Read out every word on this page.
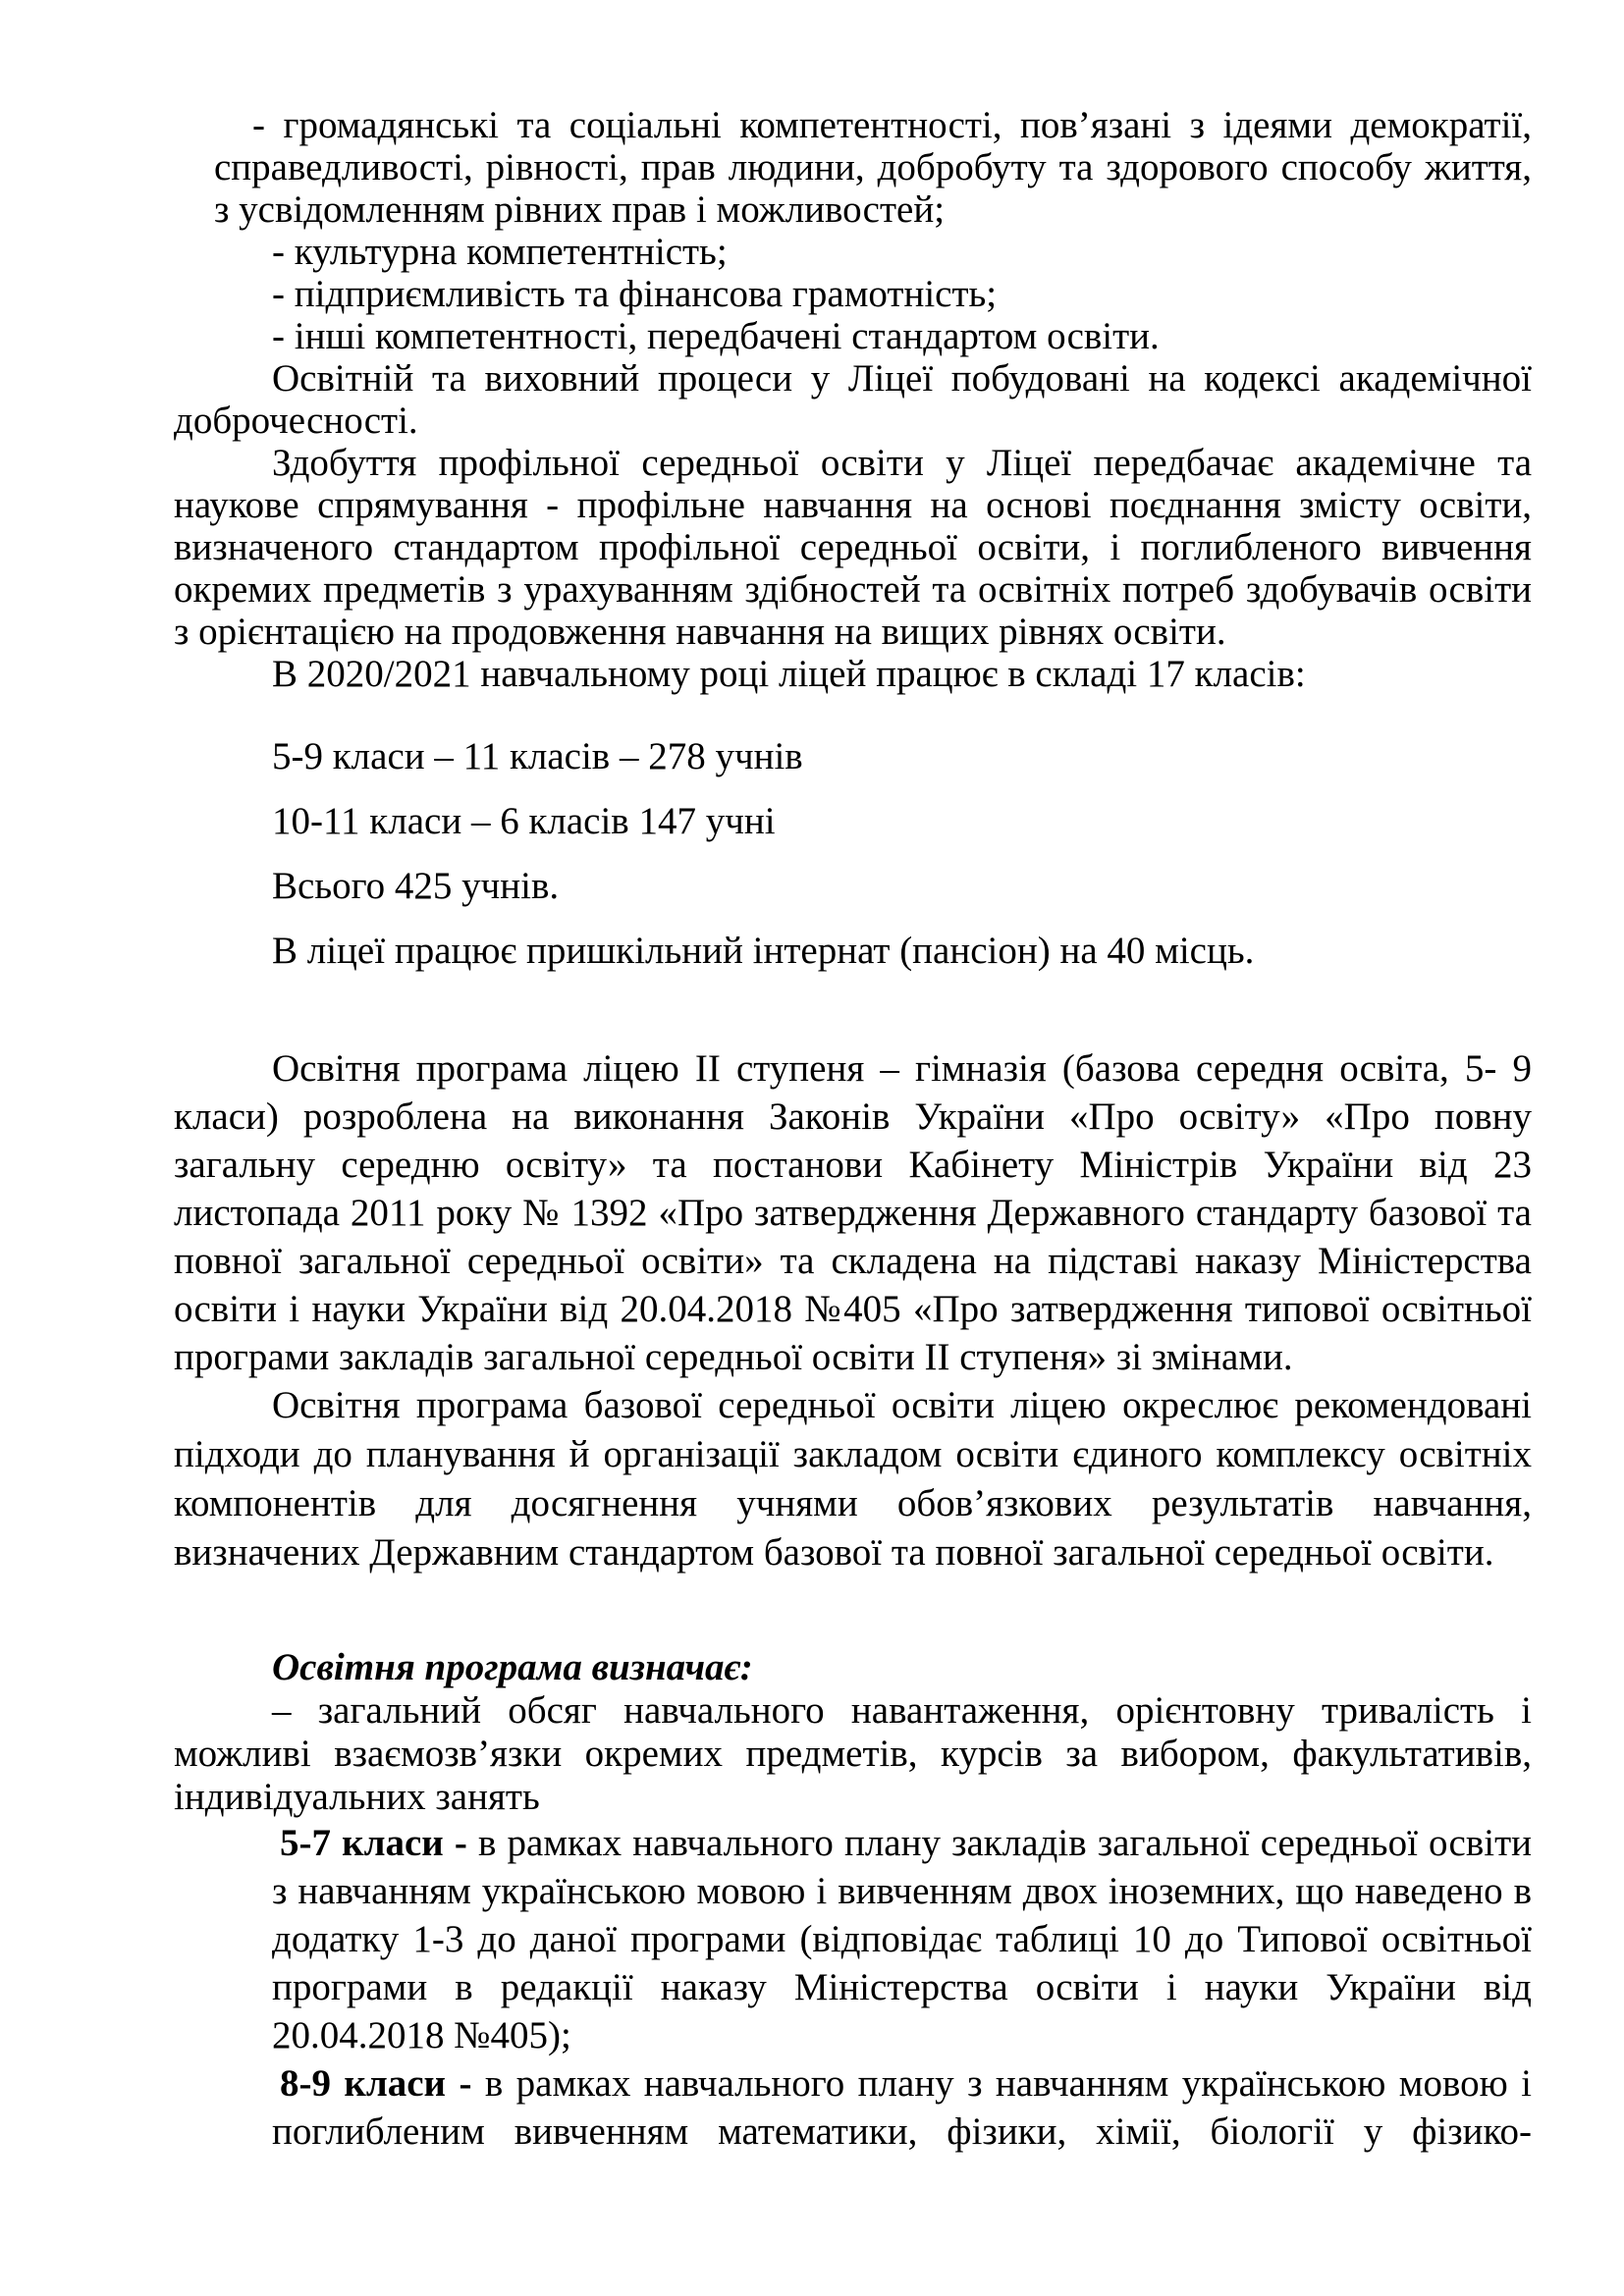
- громадянські та соціальні компетентності, пов’язані з ідеями демократії,
справедливості, рівності, прав людини, добробуту та здорового способу життя,
з усвідомленням рівних прав і можливостей;
- культурна компетентність;
- підприємливість та фінансова грамотність;
- інші компетентності, передбачені стандартом освіти.
Освітній та виховний процеси у Ліцеї побудовані на кодексі академічної
доброчесності.
Здобуття профільної середньої освіти у Ліцеї передбачає академічне та
наукове спрямування - профільне навчання на основі поєднання змісту освіти,
визначеного стандартом профільної середньої освіти, і поглибленого вивчення
окремих предметів з урахуванням здібностей та освітніх потреб здобувачів освіти
з орієнтацією на продовження навчання на вищих рівнях освіти.
В 2020/2021 навчальному році ліцей працює в складі 17 класів:
5-9 класи – 11 класів – 278 учнів
10-11 класи – 6 класів 147 учні
Всього 425 учнів.
В ліцеї працює пришкільний інтернат (пансіон) на 40 місць.
Освітня програма ліцею ІІ ступеня – гімназія (базова середня освіта, 5- 9
класи) розроблена на виконання Законів України «Про освіту» «Про повну
загальну середню освіту» та постанови Кабінету Міністрів України від 23
листопада 2011 року № 1392 «Про затвердження Державного стандарту базової та
повної загальної середньої освіти» та складена на підставі наказу Міністерства
освіти і науки України від 20.04.2018 №405 «Про затвердження типової освітньої
програми закладів загальної середньої освіти ІІ ступеня» зі змінами.
Освітня програма базової середньої освіти ліцею окреслює рекомендовані
підходи до планування й організації закладом освіти єдиного комплексу освітніх
компонентів для досягнення учнями обов’язкових результатів навчання,
визначених Державним стандартом базової та повної загальної середньої освіти.
Освітня програма визначає:
– загальний обсяг навчального навантаження, орієнтовну тривалість і
можливі взаємозв’язки окремих предметів, курсів за вибором, факультативів,
індивідуальних занять
5-7 класи - в рамках навчального плану закладів загальної середньої освіти
з навчанням українською мовою і вивченням двох іноземних, що наведено в
додатку 1-3 до даної програми (відповідає таблиці 10 до Типової освітньої
програми в редакції наказу Міністерства освіти і науки України від
20.04.2018 №405);
8-9 класи - в рамках навчального плану з навчанням українською мовою і
поглибленим вивченням математики, фізики, хімії, біології у фізико-
